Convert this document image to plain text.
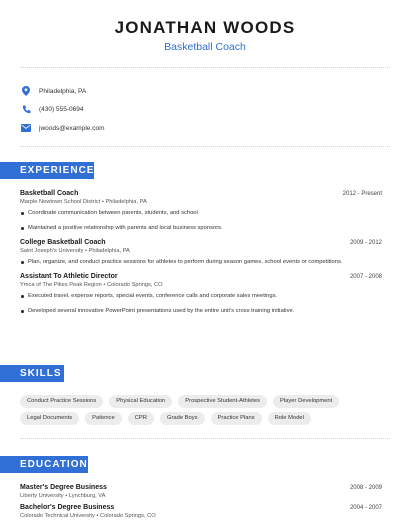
JONATHAN WOODS
Basketball Coach
Philadelphia, PA
(430) 555-0694
jwoods@example.com
EXPERIENCE
Basketball Coach	2012 - Present
Marple Newtown School District • Philadelphia, PA
Coordinate communication between parents, students, and school.
Maintained a positive relationship with parents and local business sponsors.
College Basketball Coach	2009 - 2012
Saint Joseph's University • Philadelphia, PA
Plan, organize, and conduct practice sessions for athletes to perform during season games, school events or competitions.
Assistant To Athletic Director	2007 - 2008
Ymca of The Pikes Peak Region • Colorado Springs, CO
Executed travel, expense reports, special events, conference calls and corporate sales meetings.
Developed several innovative PowerPoint presentations used by the entire unit's cross training initiative.
SKILLS
Conduct Practice Sessions	Physical Education	Prospective Student-Athletes	Player Development
Legal Documents	Patience	CPR	Grade Boys	Practice Plans	Role Model
EDUCATION
Master's Degree Business	2008 - 2009
Liberty University • Lynchburg, VA
Bachelor's Degree Business	2004 - 2007
Colorado Technical University • Colorado Springs, CO
